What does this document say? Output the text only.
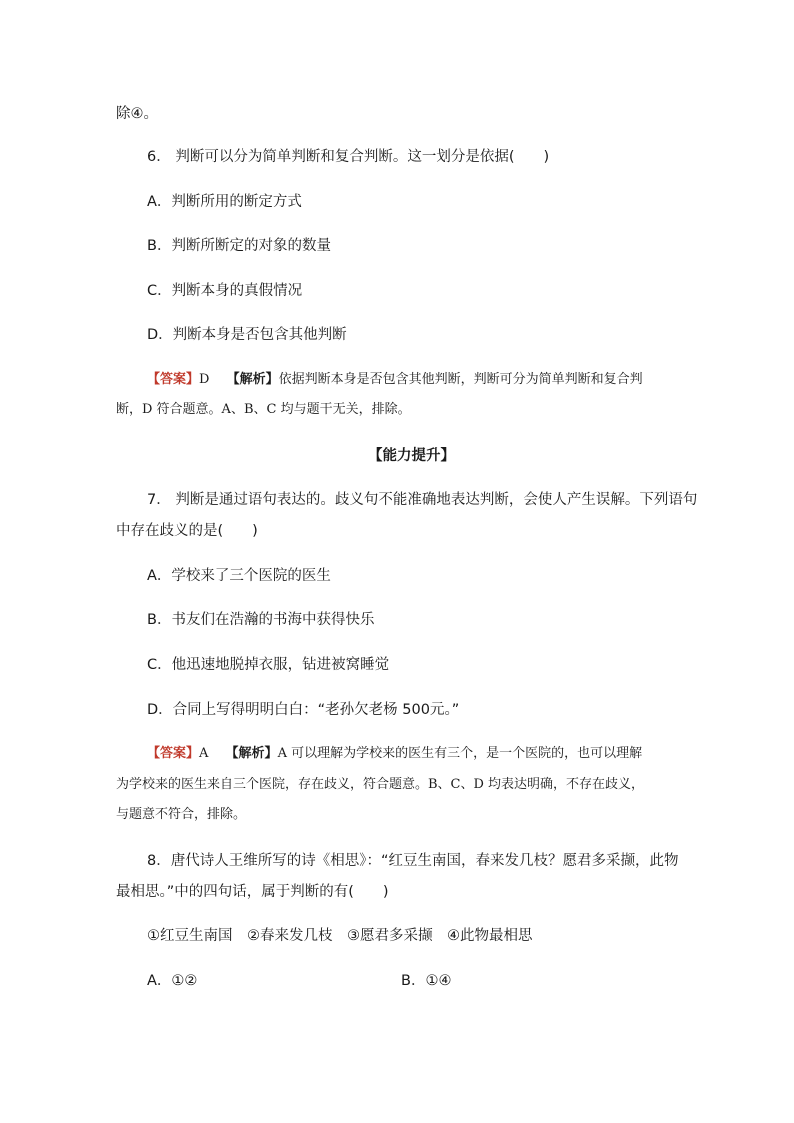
除④。
6． 判断可以分为简单判断和复合判断。这一划分是依据(　　)
A．判断所用的断定方式
B．判断所断定的对象的数量
C．判断本身的真假情况
D．判断本身是否包含其他判断
【答案】D　 【解析】依据判断本身是否包含其他判断，判断可分为简单判断和复合判
断，D 符合题意。A、B、C 均与题干无关，排除。
【能力提升】
7． 判断是通过语句表达的。歧义句不能准确地表达判断，会使人产生误解。下列语句
中存在歧义的是(　　)
A．学校来了三个医院的医生
B．书友们在浩瀚的书海中获得快乐
C．他迅速地脱掉衣服，钻进被窝睡觉
D．合同上写得明明白白：“老孙欠老杨 500元。”
【答案】A　 【解析】A 可以理解为学校来的医生有三个，是一个医院的，也可以理解
为学校来的医生来自三个医院，存在歧义，符合题意。B、C、D 均表达明确，不存在歧义，
与题意不符合，排除。
8．唐代诗人王维所写的诗《相思》：“红豆生南国，春来发几枝？愿君多采撷，此物
最相思。”中的四句话，属于判断的有(　　)
①红豆生南国　②春来发几枝　③愿君多采撷　④此物最相思
A．①②	B．①④
